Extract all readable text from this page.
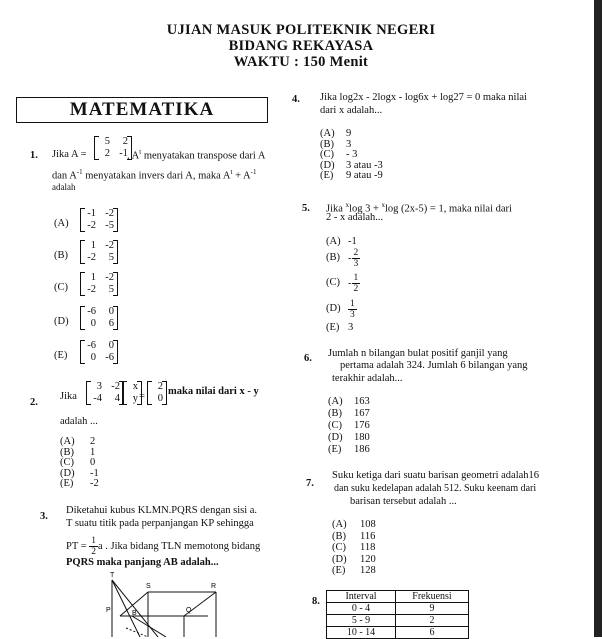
UJIAN MASUK POLITEKNIK NEGERI
BIDANG REKAYASA
WAKTU : 150 Menit
MATEMATIKA
1. Jika A =
5	2
2 -1 , $A^t$ menyatakan transpose dari A
dan $A^{-1}$ menyatakan invers dari A, maka $A^t + A^{-1}$
adalah
(A)
-1 -2
-2 -5
(B)
1 -2
-2	5
(C)
1 -2
-2	5
(D)
-6	0
0	6
(E)
-6	0
0 -6
2.
Jika
3 -2
-4	4
x
y =
2
0
maka nilai dari x - y
adalah ...
(A) 2
(B) 1
(C) 0
(D) -1
(E) -2
3.
Diketahui kubus KLMN.PQRS dengan sisi a.
T suatu titik pada perpanjangan KP sehingga
PT = $\frac{1}{2}$ a . Jika bidang TLN memotong bidang
PQRS maka panjang AB adalah...
T
S	R
P	Q
B
4. Jika log2x - 2logx - log6x + log27 = 0 maka nilai
dari x adalah...
(A) 9
(B) 3
(C) - 3
(D) 3 atau -3
(E) 9 atau -9
5. Jika $^x$log 3 + $^x$log (2x-5) = 1, maka nilai dari
2 - x adalah...
(A) -1
$(B) - \frac{2}{3}$
$(C) - \frac{1}{2}$
$(D) \frac{1}{3}$
(E) 3
6. Jumlah n bilangan bulat positif ganjil yang
pertama adalah 324. Jumlah 6 bilangan yang
terakhir adalah...
(A) 163
(B) 167
(C) 176
(D) 180
(E) 186
7.
Suku ketiga dari suatu barisan geometri adalah16
dan suku kedelapan adalah 512. Suku keenam dari
barisan tersebut adalah ...
(A) 108
(B) 116
(C) 118
(D) 120
(E) 128
8.	Interval	Frekuensi
0 - 4	9
5 - 9	2
10 - 14	6
